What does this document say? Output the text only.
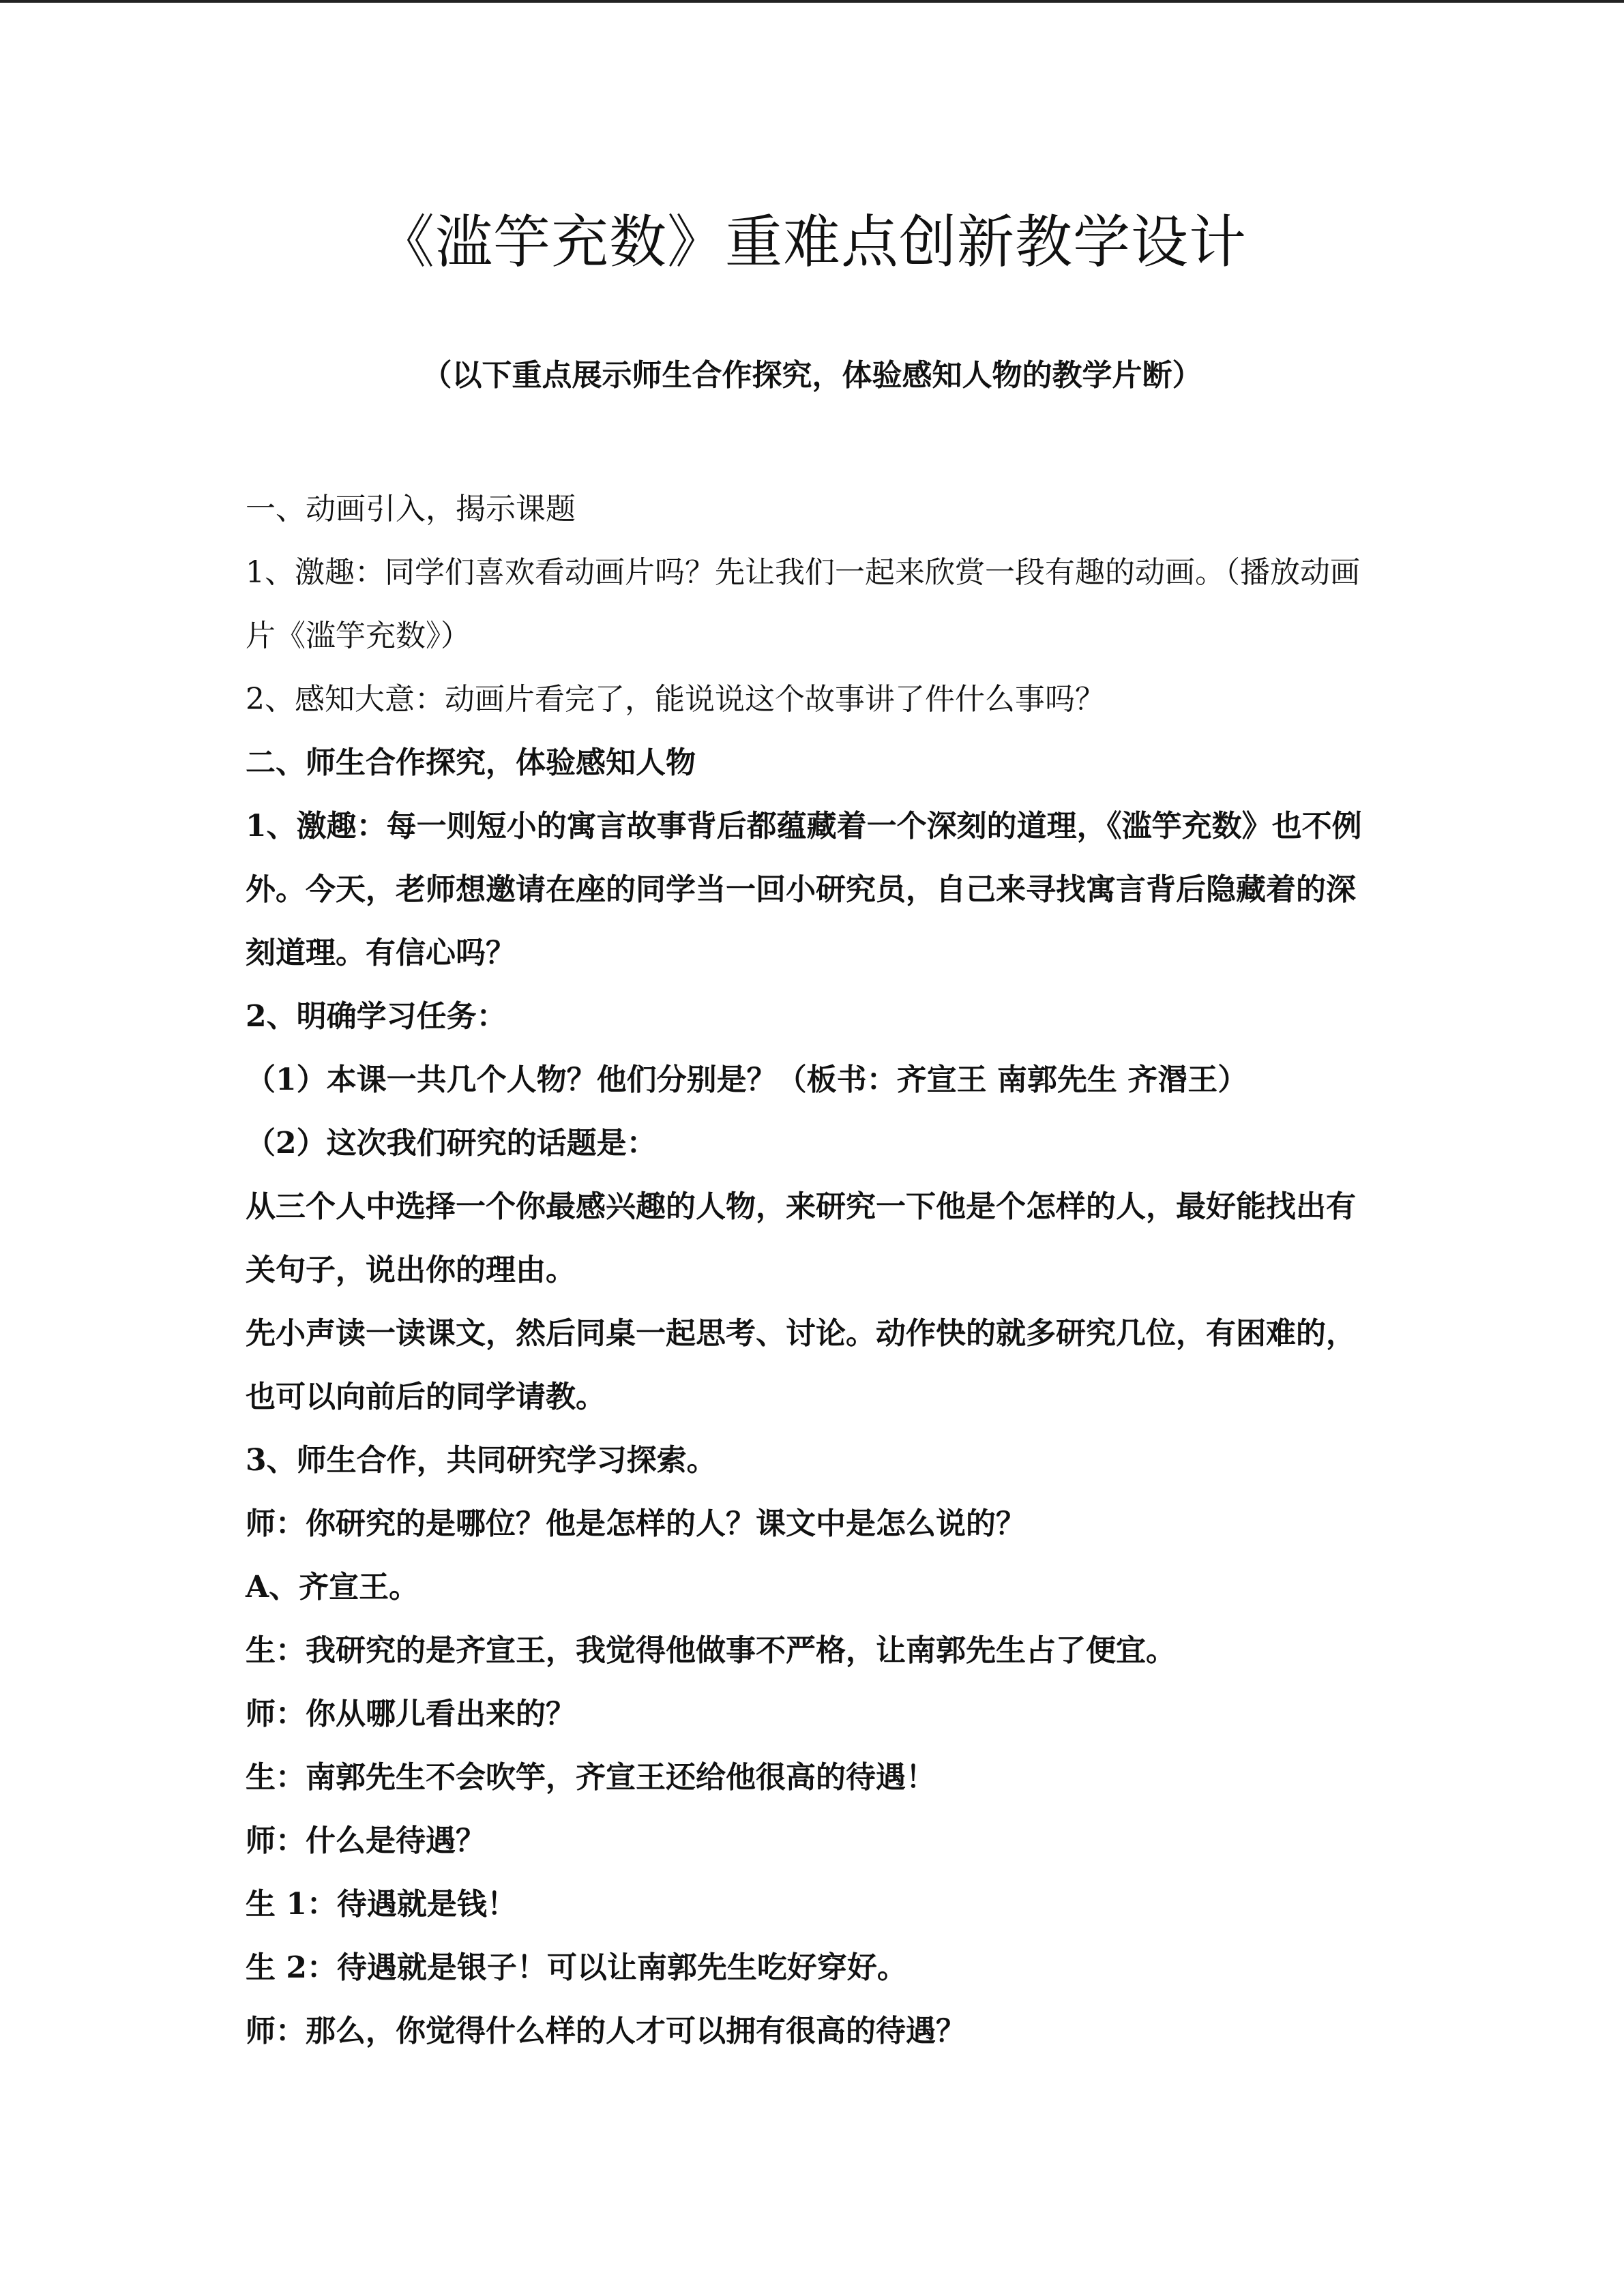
《滥竽充数》重难点创新教学设计
（以下重点展示师生合作探究，体验感知人物的教学片断）

一、动画引入，揭示课题

1、激趣：同学们喜欢看动画片吗？先让我们一起来欣赏一段有趣的动画。（播放动画片《滥竽充数》）

2、感知大意：动画片看完了，能说说这个故事讲了件什么事吗？

二、师生合作探究，体验感知人物

1、激趣：每一则短小的寓言故事背后都蕴藏着一个深刻的道理，《滥竽充数》也不例外。今天，老师想邀请在座的同学当一回小研究员，自己来寻找寓言背后隐藏着的深刻道理。有信心吗？

2、明确学习任务：

（1）本课一共几个人物？他们分别是？（板书：齐宣王 南郭先生 齐湣王）

（2）这次我们研究的话题是：

从三个人中选择一个你最感兴趣的人物，来研究一下他是个怎样的人，最好能找出有关句子，说出你的理由。

先小声读一读课文，然后同桌一起思考、讨论。动作快的就多研究几位，有困难的，也可以向前后的同学请教。

3、师生合作，共同研究学习探索。

师：你研究的是哪位？他是怎样的人？课文中是怎么说的？

A、齐宣王。

生：我研究的是齐宣王，我觉得他做事不严格，让南郭先生占了便宜。

师：你从哪儿看出来的？

生：南郭先生不会吹竽，齐宣王还给他很高的待遇！

师：什么是待遇？

生 1：待遇就是钱！

生 2：待遇就是银子！可以让南郭先生吃好穿好。

师：那么，你觉得什么样的人才可以拥有很高的待遇？
